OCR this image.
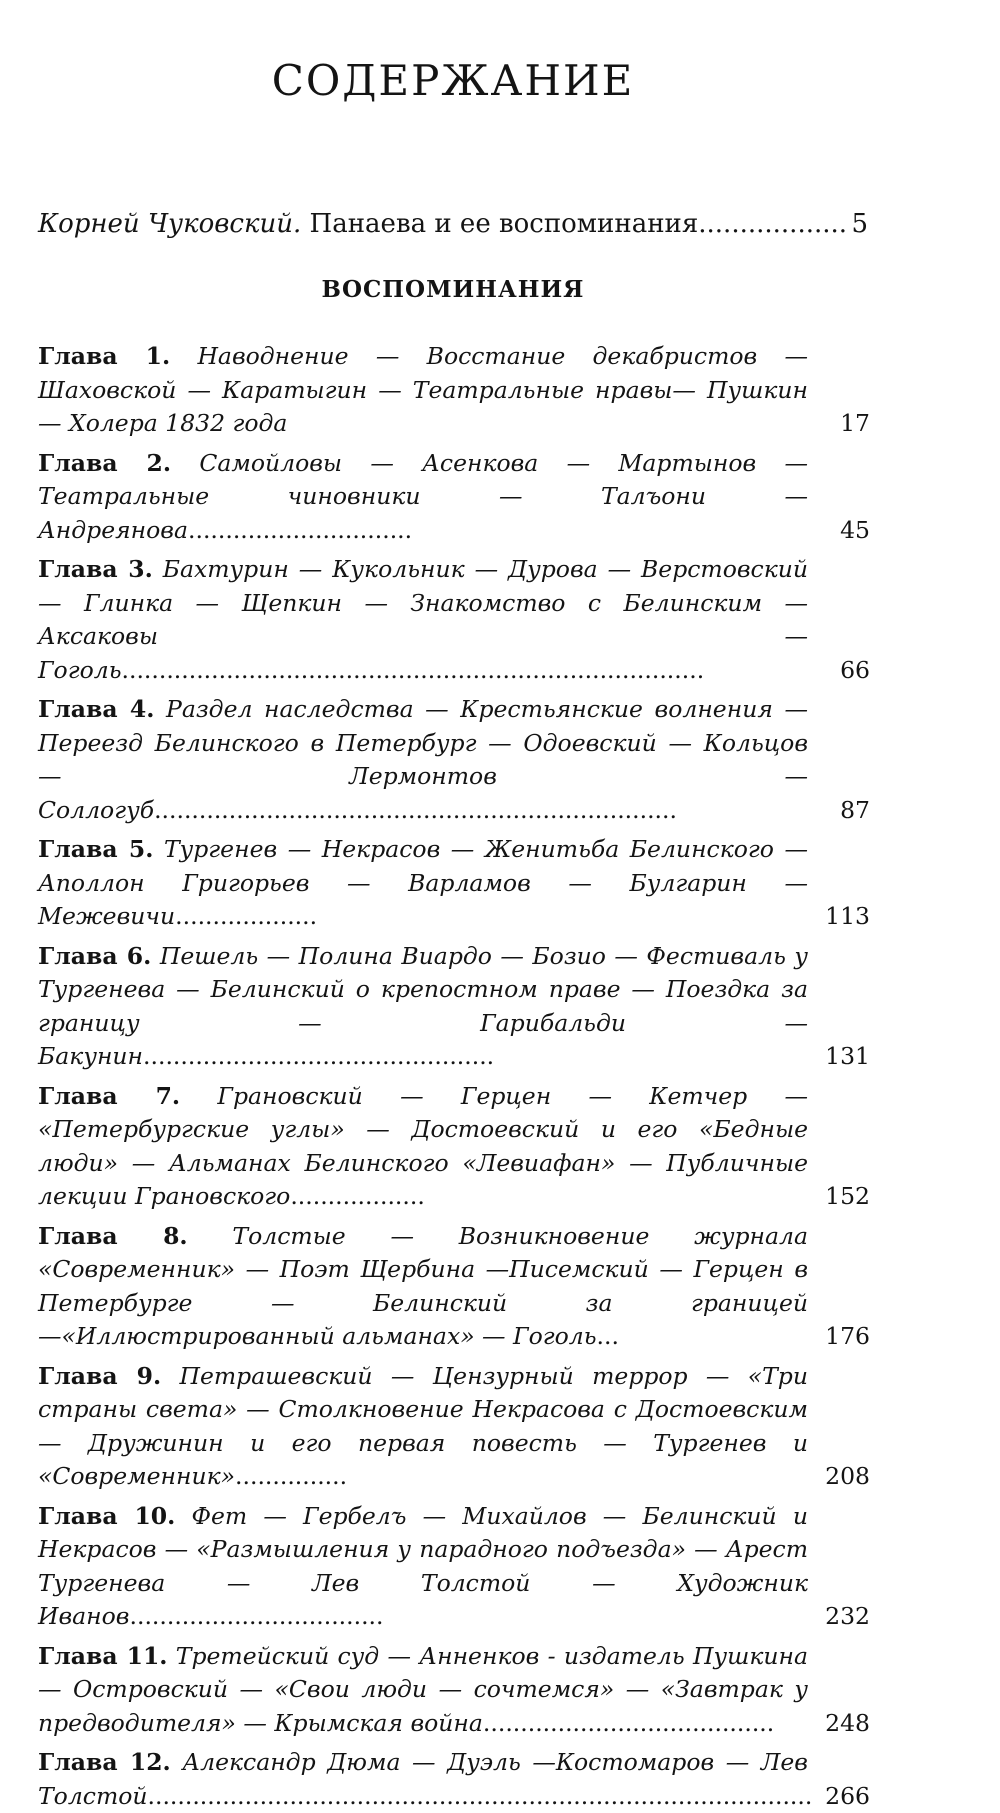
СОДЕРЖАНИЕ
Корней Чуковский. Панаева и ее воспоминания.................. 5
ВОСПОМИНАНИЯ
Глава 1. Наводнение — Восстание декабристов — Шаховской — Каратыгин — Театральные нравы— Пушкин — Холера 1832 года	17
Глава 2. Самойловы — Асенкова — Мартынов — Театральные чиновники — Талъони — Андреянова..............................	45
Глава 3. Бахтурин — Кукольник — Дурова — Верстовский — Глинка — Щепкин — Знакомство с Белинским — Аксаковы — Гоголь..............................................................................	66
Глава 4. Раздел наследства — Крестьянские волнения — Переезд Белинского в Петербург — Одоевский — Кольцов — Лермонтов — Соллогуб......................................................................	87
Глава 5. Тургенев — Некрасов — Женитьба Белинского — Аполлон Григорьев — Варламов — Булгарин — Межевичи...................	113
Глава 6. Пешель — Полина Виардо — Бозио — Фестиваль у Тургенева — Белинский о крепостном праве — Поездка за границу — Гарибальди — Бакунин...............................................	131
Глава 7. Грановский — Герцен — Кетчер — «Петербургские углы» — Достоевский и его «Бедные люди» — Альманах Белинского «Левиафан» — Публичные лекции Грановского..................	152
Глава 8. Толстые — Возникновение журнала «Современник» — Поэт Щербина —Писемский — Герцен в Петербурге — Белинский за границей —«Иллюстрированный альманах» — Гоголь...	176
Глава 9. Петрашевский — Цензурный террор — «Три страны света» — Столкновение Некрасова с Достоевским — Дружинин и его первая повесть — Тургенев и «Современник»...............	208
Глава 10. Фет — Гербелъ — Михайлов — Белинский и Некрасов — «Размышления у парадного подъезда» — Арест Тургенева — Лев Толстой — Художник Иванов..................................	232
Глава 11. Третейский суд — Анненков - издатель Пушкина — Островский — «Свои люди — сочтемся» — «Завтрак у предводителя» — Крымская война.......................................	248
Глава 12. Александр Дюма — Дуэль —Костомаров — Лев Толстой......................................................................................... 266
